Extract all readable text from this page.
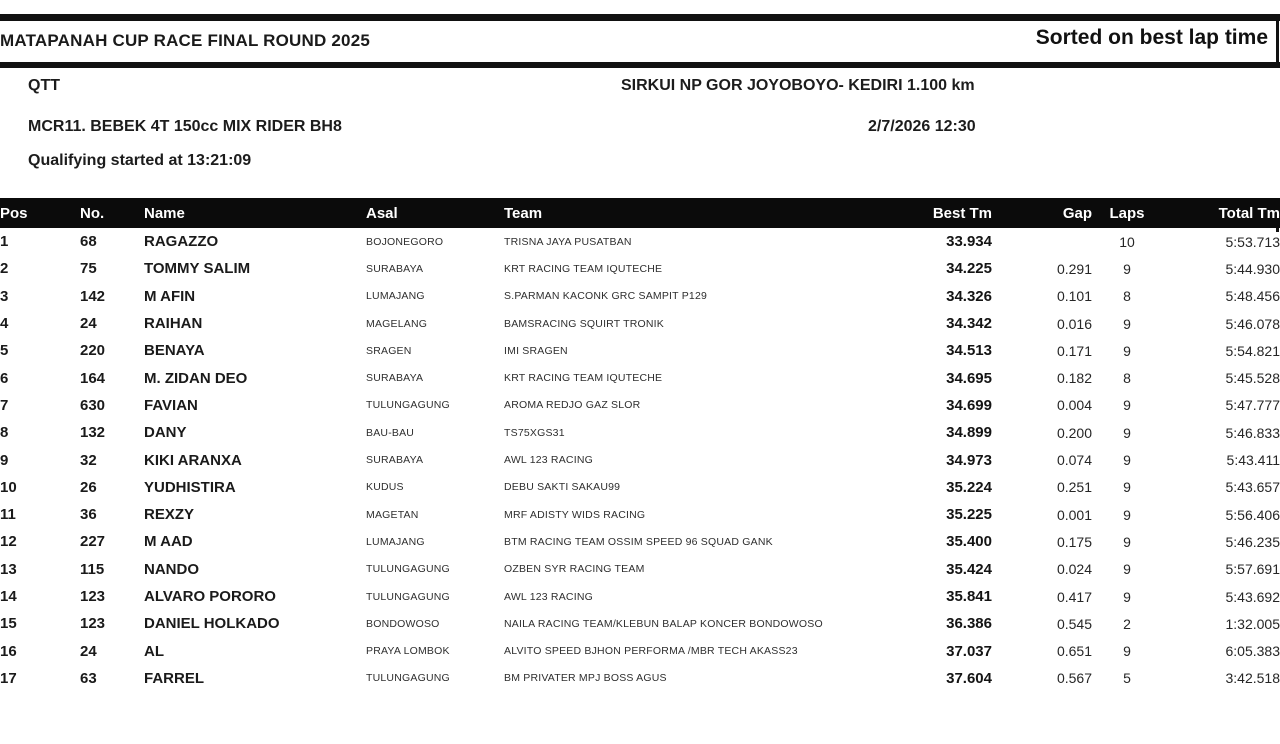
MATAPANAH CUP RACE FINAL ROUND 2025	Sorted on best lap time
QTT	SIRKUI NP GOR JOYOBOYO- KEDIRI 1.100 km
MCR11. BEBEK 4T 150cc MIX RIDER BH8	2/7/2026 12:30
Qualifying started at 13:21:09
Pos	No.	Name	Asal	Team	Best Tm	Gap	Laps	Total Tm
1	68	RAGAZZO	BOJONEGORO	TRISNA JAYA PUSATBAN	33.934		10	5:53.713
2	75	TOMMY SALIM	SURABAYA	KRT RACING TEAM IQUTECHE	34.225	0.291	9	5:44.930
3	142	M AFIN	LUMAJANG	S.PARMAN KACONK GRC SAMPIT P129	34.326	0.101	8	5:48.456
4	24	RAIHAN	MAGELANG	BAMSRACING SQUIRT TRONIK	34.342	0.016	9	5:46.078
5	220	BENAYA	SRAGEN	IMI SRAGEN	34.513	0.171	9	5:54.821
6	164	M. ZIDAN DEO	SURABAYA	KRT RACING TEAM IQUTECHE	34.695	0.182	8	5:45.528
7	630	FAVIAN	TULUNGAGUNG	AROMA REDJO GAZ SLOR	34.699	0.004	9	5:47.777
8	132	DANY	BAU-BAU	TS75XGS31	34.899	0.200	9	5:46.833
9	32	KIKI ARANXA	SURABAYA	AWL 123 RACING	34.973	0.074	9	5:43.411
10	26	YUDHISTIRA	KUDUS	DEBU SAKTI SAKAU99	35.224	0.251	9	5:43.657
11	36	REXZY	MAGETAN	MRF ADISTY WIDS RACING	35.225	0.001	9	5:56.406
12	227	M AAD	LUMAJANG	BTM RACING TEAM OSSIM SPEED 96 SQUAD GANK	35.400	0.175	9	5:46.235
13	115	NANDO	TULUNGAGUNG	OZBEN SYR RACING TEAM	35.424	0.024	9	5:57.691
14	123	ALVARO PORORO	TULUNGAGUNG	AWL 123 RACING	35.841	0.417	9	5:43.692
15	123	DANIEL HOLKADO	BONDOWOSO	NAILA RACING TEAM/KLEBUN BALAP KONCER BONDOWOSO	36.386	0.545	2	1:32.005
16	24	AL	PRAYA LOMBOK	ALVITO SPEED BJHON PERFORMA /MBR TECH AKASS23	37.037	0.651	9	6:05.383
17	63	FARREL	TULUNGAGUNG	BM PRIVATER MPJ BOSS AGUS	37.604	0.567	5	3:42.518
